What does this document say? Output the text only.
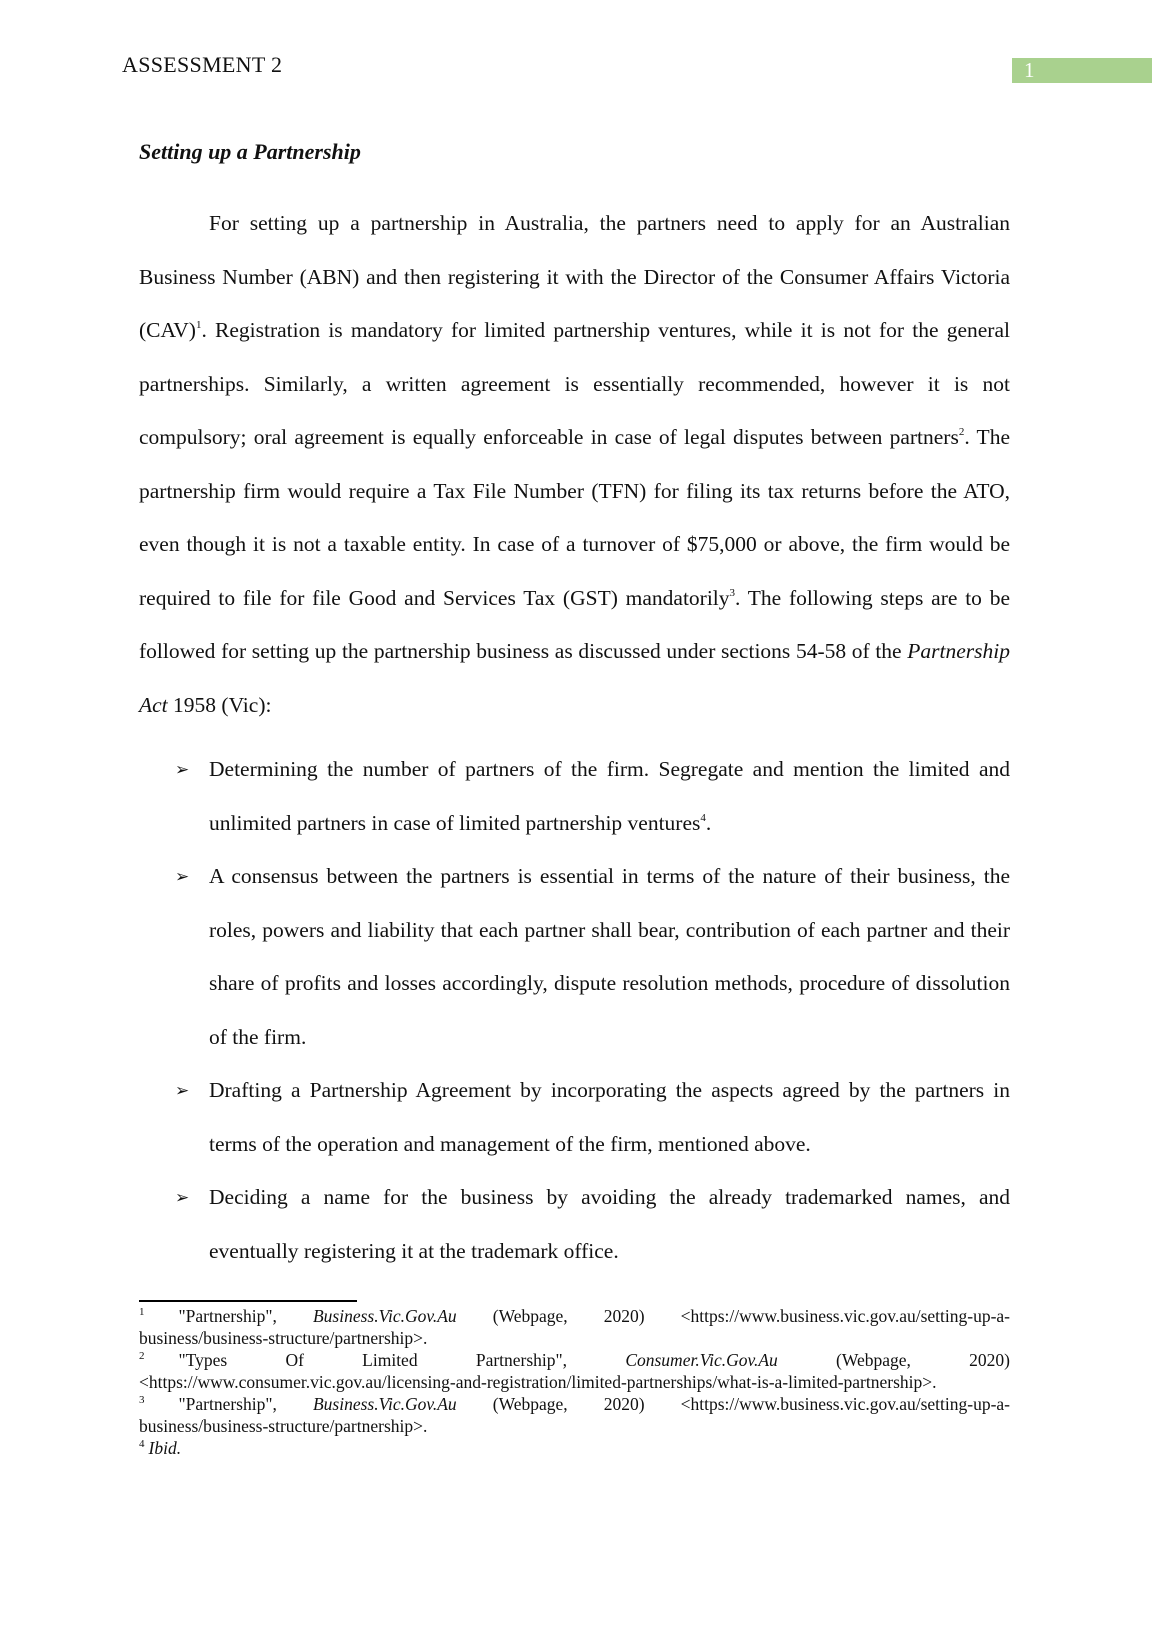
ASSESSMENT 2	1
Setting up a Partnership

For setting up a partnership in Australia, the partners need to apply for an Australian Business Number (ABN) and then registering it with the Director of the Consumer Affairs Victoria (CAV)$^1$. Registration is mandatory for limited partnership ventures, while it is not for the general partnerships. Similarly, a written agreement is essentially recommended, however it is not compulsory; oral agreement is equally enforceable in case of legal disputes between partners$^2$. The partnership firm would require a Tax File Number (TFN) for filing its tax returns before the ATO, even though it is not a taxable entity. In case of a turnover of $75,000 or above, the firm would be required to file for file Good and Services Tax (GST) mandatorily$^3$. The following steps are to be followed for setting up the partnership business as discussed under sections 54-58 of the Partnership Act 1958 (Vic):

➢ Determining the number of partners of the firm. Segregate and mention the limited and unlimited partners in case of limited partnership ventures$^4$.
➢ A consensus between the partners is essential in terms of the nature of their business, the roles, powers and liability that each partner shall bear, contribution of each partner and their share of profits and losses accordingly, dispute resolution methods, procedure of dissolution of the firm.
➢ Drafting a Partnership Agreement by incorporating the aspects agreed by the partners in terms of the operation and management of the firm, mentioned above.
➢ Deciding a name for the business by avoiding the already trademarked names, and eventually registering it at the trademark office.
$^1$ "Partnership", Business.Vic.Gov.Au (Webpage, 2020) <https://www.business.vic.gov.au/setting-up-a-business/business-structure/partnership>.
$^2$ "Types Of Limited Partnership", Consumer.Vic.Gov.Au (Webpage, 2020) <https://www.consumer.vic.gov.au/licensing-and-registration/limited-partnerships/what-is-a-limited-partnership>.
$^3$ "Partnership", Business.Vic.Gov.Au (Webpage, 2020) <https://www.business.vic.gov.au/setting-up-a-business/business-structure/partnership>.
$^4$ Ibid.
